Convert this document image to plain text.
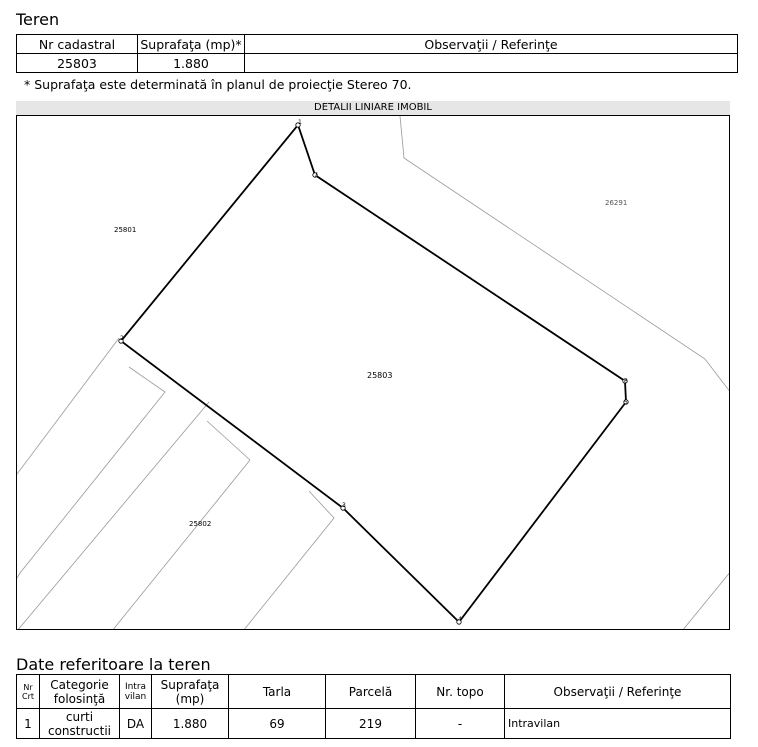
Teren
Nr cadastral	Suprafaţa (mp)*	Observaţii / Referinţe
25803	1.880	
* Suprafaţa este determinată în planul de proiecţie Stereo 70.
DETALII LINIARE IMOBIL
1
2
3
4
5
6
7
25801
25803
26291
25802
Date referitoare la teren
Nr Crt	Categorie folosinţă	Intra vilan	Suprafaţa (mp)	Tarla	Parcelă	Nr. topo	Observaţii / Referinţe
1	curti constructii	DA	1.880	69	219	-	Intravilan
